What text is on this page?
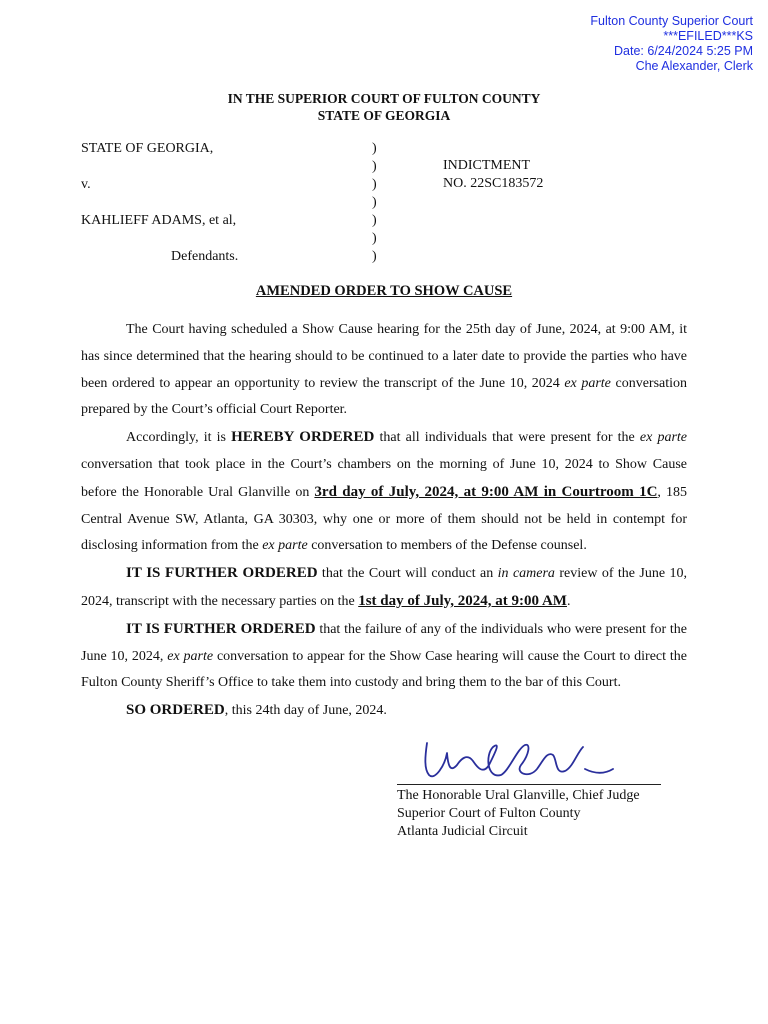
Fulton County Superior Court
***EFILED***KS
Date: 6/24/2024 5:25 PM
Che Alexander, Clerk
IN THE SUPERIOR COURT OF FULTON COUNTY
STATE OF GEORGIA
STATE OF GEORGIA,
v.
KAHLIEFF ADAMS, et al,
Defendants.
)
)
)
)
)
)
)
INDICTMENT
NO. 22SC183572
AMENDED ORDER TO SHOW CAUSE

The Court having scheduled a Show Cause hearing for the 25th day of June, 2024, at 9:00 AM, it has since determined that the hearing should to be continued to a later date to provide the parties who have been ordered to appear an opportunity to review the transcript of the June 10, 2024 ex parte conversation prepared by the Court’s official Court Reporter.

Accordingly, it is HEREBY ORDERED that all individuals that were present for the ex parte conversation that took place in the Court’s chambers on the morning of June 10, 2024 to Show Cause before the Honorable Ural Glanville on 3rd day of July, 2024, at 9:00 AM in Courtroom 1C, 185 Central Avenue SW, Atlanta, GA 30303, why one or more of them should not be held in contempt for disclosing information from the ex parte conversation to members of the Defense counsel.

IT IS FURTHER ORDERED that the Court will conduct an in camera review of the June 10, 2024, transcript with the necessary parties on the 1st day of July, 2024, at 9:00 AM.

IT IS FURTHER ORDERED that the failure of any of the individuals who were present for the June 10, 2024, ex parte conversation to appear for the Show Case hearing will cause the Court to direct the Fulton County Sheriff’s Office to take them into custody and bring them to the bar of this Court.

SO ORDERED, this 24th day of June, 2024.

The Honorable Ural Glanville, Chief Judge
Superior Court of Fulton County
Atlanta Judicial Circuit
